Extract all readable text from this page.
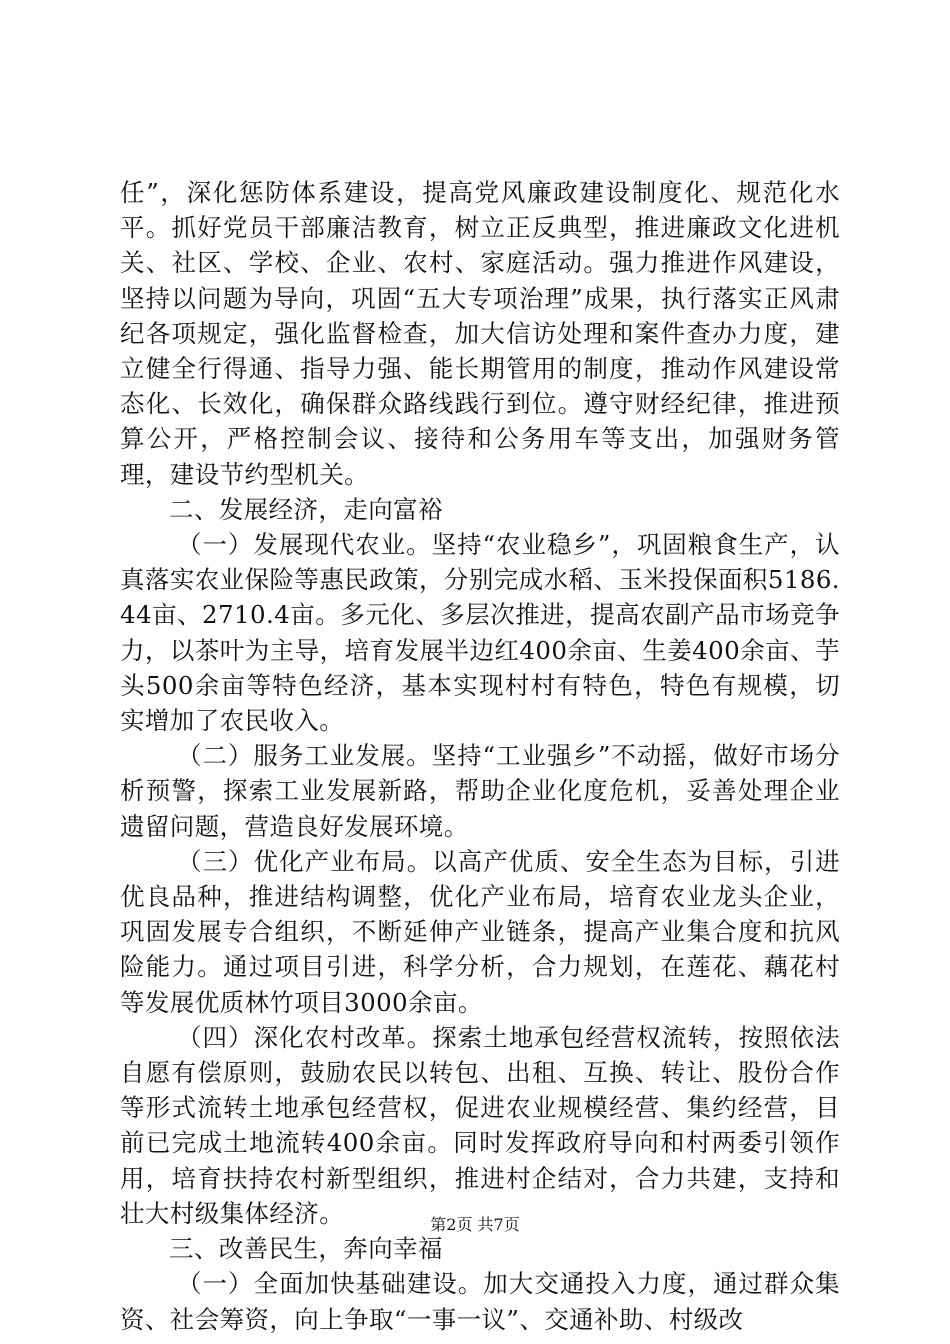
任”，深化惩防体系建设，提高党风廉政建设制度化、规范化水平。抓好党员干部廉洁教育，树立正反典型，推进廉政文化进机关、社区、学校、企业、农村、家庭活动。强力推进作风建设，坚持以问题为导向，巩固“五大专项治理”成果，执行落实正风肃纪各项规定，强化监督检查，加大信访处理和案件查办力度，建立健全行得通、指导力强、能长期管用的制度，推动作风建设常态化、长效化，确保群众路线践行到位。遵守财经纪律，推进预算公开，严格控制会议、接待和公务用车等支出，加强财务管理，建设节约型机关。

二、发展经济，走向富裕

（一）发展现代农业。坚持“农业稳乡”，巩固粮食生产，认真落实农业保险等惠民政策，分别完成水稻、玉米投保面积5186.44亩、2710.4亩。多元化、多层次推进，提高农副产品市场竞争力，以茶叶为主导，培育发展半边红400余亩、生姜400余亩、芋头500余亩等特色经济，基本实现村村有特色，特色有规模，切实增加了农民收入。

（二）服务工业发展。坚持“工业强乡”不动摇，做好市场分析预警，探索工业发展新路，帮助企业化度危机，妥善处理企业遗留问题，营造良好发展环境。

（三）优化产业布局。以高产优质、安全生态为目标，引进优良品种，推进结构调整，优化产业布局，培育农业龙头企业，巩固发展专合组织，不断延伸产业链条，提高产业集合度和抗风险能力。通过项目引进，科学分析，合力规划，在莲花、藕花村等发展优质林竹项目3000余亩。

（四）深化农村改革。探索土地承包经营权流转，按照依法自愿有偿原则，鼓励农民以转包、出租、互换、转让、股份合作等形式流转土地承包经营权，促进农业规模经营、集约经营，目前已完成土地流转400余亩。同时发挥政府导向和村两委引领作用，培育扶持农村新型组织，推进村企结对，合力共建，支持和壮大村级集体经济。

三、改善民生，奔向幸福

（一）全面加快基础建设。加大交通投入力度，通过群众集资、社会筹资，向上争取“一事一议”、交通补助、村级改

第2页 共7页
